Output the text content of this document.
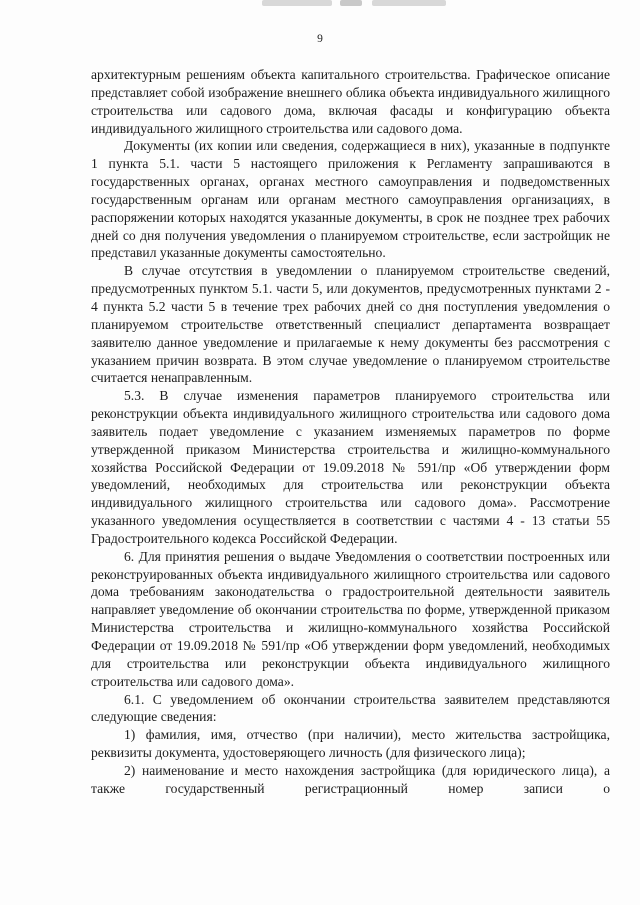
9

архитектурным решениям объекта капитального строительства. Графическое описание представляет собой изображение внешнего облика объекта индивидуального жилищного строительства или садового дома, включая фасады и конфигурацию объекта индивидуального жилищного строительства или садового дома.

Документы (их копии или сведения, содержащиеся в них), указанные в подпункте 1 пункта 5.1. части 5 настоящего приложения к Регламенту запрашиваются в государственных органах, органах местного самоуправления и подведомственных государственным органам или органам местного самоуправления организациях, в распоряжении которых находятся указанные документы, в срок не позднее трех рабочих дней со дня получения уведомления о планируемом строительстве, если застройщик не представил указанные документы самостоятельно.

В случае отсутствия в уведомлении о планируемом строительстве сведений, предусмотренных пунктом 5.1. части 5, или документов, предусмотренных пунктами 2 - 4 пункта 5.2 части 5 в течение трех рабочих дней со дня поступления уведомления о планируемом строительстве ответственный специалист департамента возвращает заявителю данное уведомление и прилагаемые к нему документы без рассмотрения с указанием причин возврата. В этом случае уведомление о планируемом строительстве считается ненаправленным.

5.3. В случае изменения параметров планируемого строительства или реконструкции объекта индивидуального жилищного строительства или садового дома заявитель подает уведомление с указанием изменяемых параметров по форме утвержденной приказом Министерства строительства и жилищно-коммунального хозяйства Российской Федерации от 19.09.2018 № 591/пр «Об утверждении форм уведомлений, необходимых для строительства или реконструкции объекта индивидуального жилищного строительства или садового дома». Рассмотрение указанного уведомления осуществляется в соответствии с частями 4 - 13 статьи 55 Градостроительного кодекса Российской Федерации.

6. Для принятия решения о выдаче Уведомления о соответствии построенных или реконструированных объекта индивидуального жилищного строительства или садового дома требованиям законодательства о градостроительной деятельности заявитель направляет уведомление об окончании строительства по форме, утвержденной приказом Министерства строительства и жилищно-коммунального хозяйства Российской Федерации от 19.09.2018 № 591/пр «Об утверждении форм уведомлений, необходимых для строительства или реконструкции объекта индивидуального жилищного строительства или садового дома».

6.1. С уведомлением об окончании строительства заявителем представляются следующие сведения:

1) фамилия, имя, отчество (при наличии), место жительства застройщика, реквизиты документа, удостоверяющего личность (для физического лица);

2) наименование и место нахождения застройщика (для юридического лица), а также государственный регистрационный номер записи о
